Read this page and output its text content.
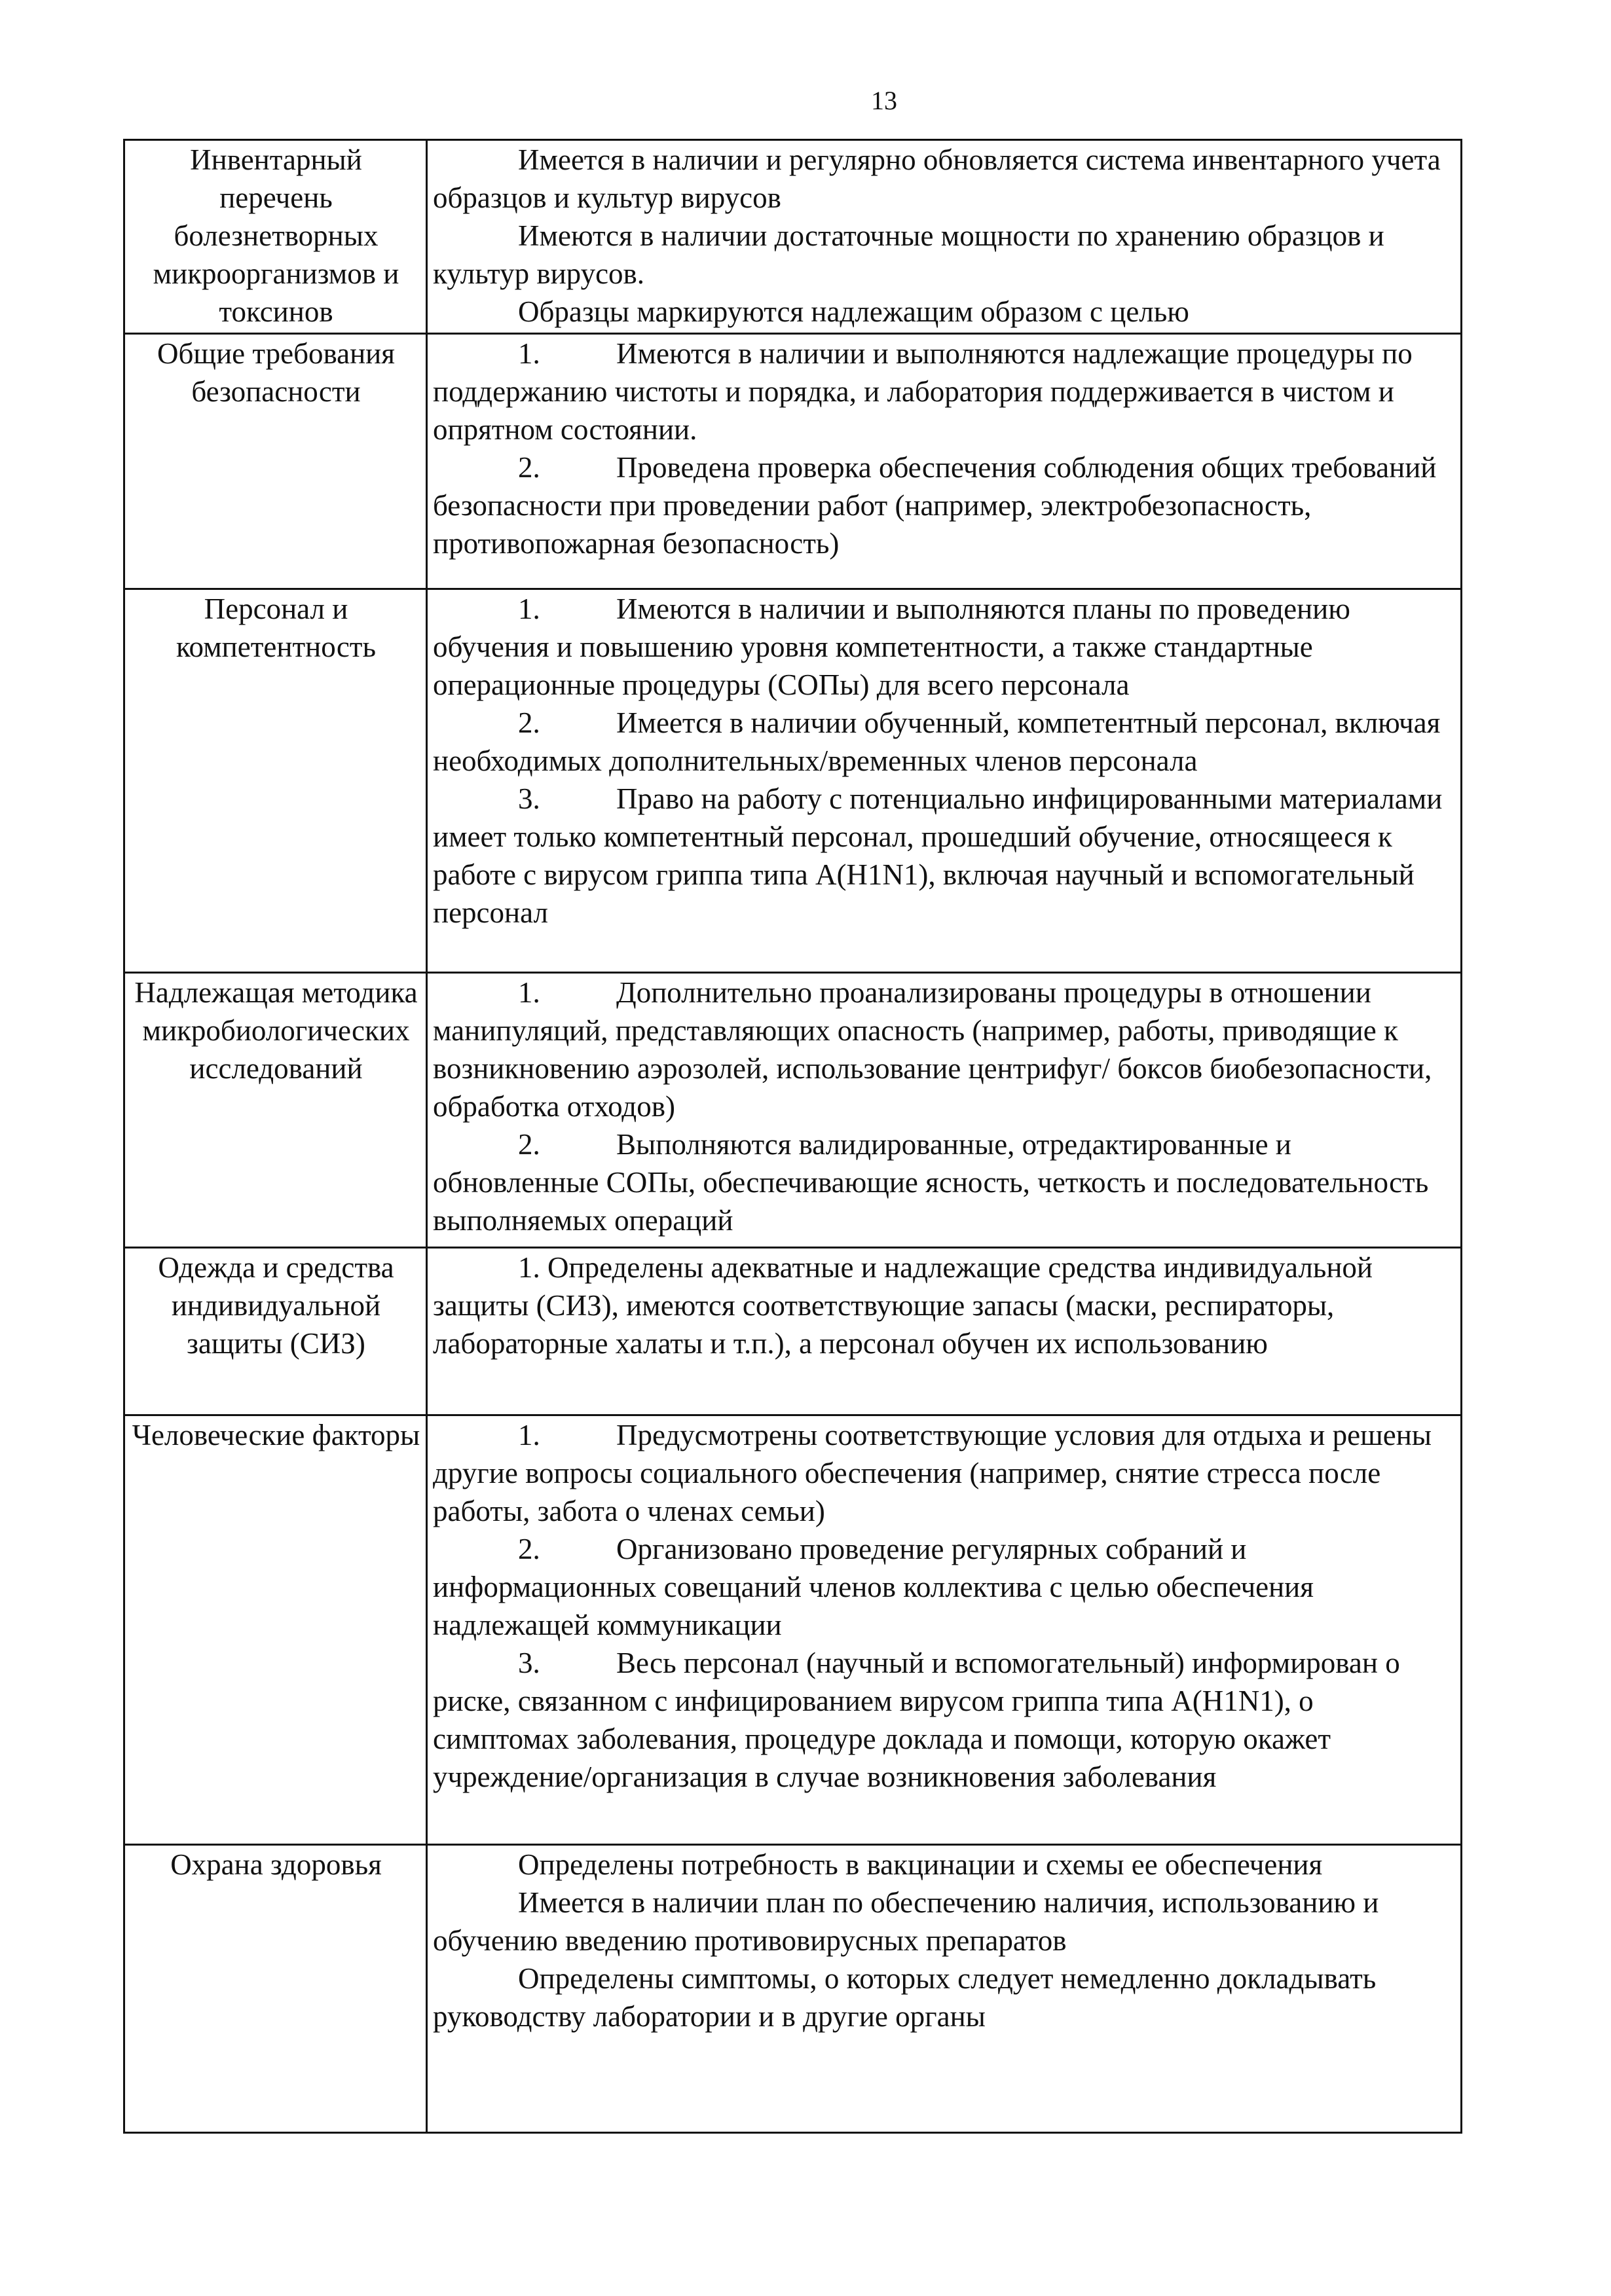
13
Инвентарный перечень болезнетворных микроорганизмов и токсинов	Имеется в наличии и регулярно обновляется система инвентарного учета образцов и культур вирусов

Имеются в наличии достаточные мощности по хранению образцов и культур вирусов.

Образцы маркируются надлежащим образом с целью

Общие требования безопасности	1. Имеются в наличии и выполняются надлежащие процедуры по поддержанию чистоты и порядка, и лаборатория поддерживается в чистом и опрятном состоянии.

2. Проведена проверка обеспечения соблюдения общих требований безопасности при проведении работ (например, электробезопасность, противопожарная безопасность)

Персонал и компетентность	1. Имеются в наличии и выполняются планы по проведению обучения и повышению уровня компетентности, а также стандартные операционные процедуры (СОПы) для всего персонала

2. Имеется в наличии обученный, компетентный персонал, включая необходимых дополнительных/временных членов персонала

3. Право на работу с потенциально инфицированными материалами имеет только компетентный персонал, прошедший обучение, относящееся к работе с вирусом гриппа типа A(H1N1), включая научный и вспомогательный персонал

Надлежащая методика микробиологических исследований	1. Дополнительно проанализированы процедуры в отношении манипуляций, представляющих опасность (например, работы, приводящие к возникновению аэрозолей, использование центрифуг/ боксов биобезопасности, обработка отходов)

2. Выполняются валидированные, отредактированные и обновленные СОПы, обеспечивающие ясность, четкость и последовательность выполняемых операций

Одежда и средства индивидуальной защиты (СИЗ)	1. Определены адекватные и надлежащие средства индивидуальной защиты (СИЗ), имеются соответствующие запасы (маски, респираторы, лабораторные халаты и т.п.), а персонал обучен их использованию

Человеческие факторы	1. Предусмотрены соответствующие условия для отдыха и решены другие вопросы социального обеспечения (например, снятие стресса после работы, забота о членах семьи)

2. Организовано проведение регулярных собраний и информационных совещаний членов коллектива с целью обеспечения надлежащей коммуникации

3. Весь персонал (научный и вспомогательный) информирован о риске, связанном с инфицированием вирусом гриппа типа A(H1N1), о симптомах заболевания, процедуре доклада и помощи, которую окажет учреждение/организация в случае возникновения заболевания

Охрана здоровья	Определены потребность в вакцинации и схемы ее обеспечения

Имеется в наличии план по обеспечению наличия, использованию и обучению введению противовирусных препаратов

Определены симптомы, о которых следует немедленно докладывать руководству лаборатории и в другие органы
